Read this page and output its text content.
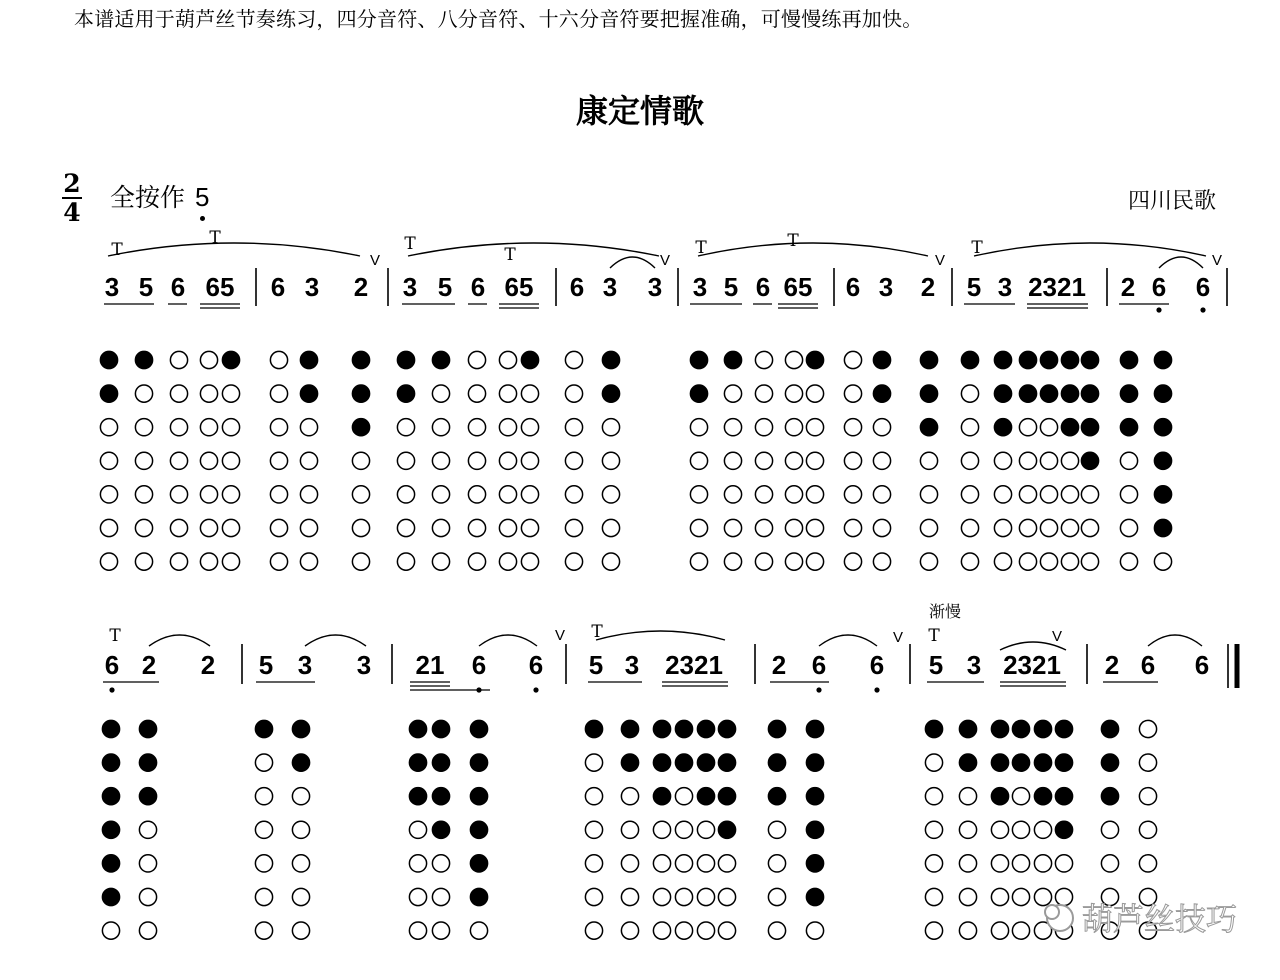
本谱适用于葫芦丝节奏练习，四分音符、八分音符、十六分音符要把握准确，可慢慢练再加快。
康定情歌
2
4
全按作 5	四川民歌
3 5 6 65 6 3 2 3 5 6 65 6 3 3 3 5 6 65 6 3 2 5 3 2321 2 6 6
T
T	T
T	T	T	T
V	V	V	V
6 2 2 5 3 3 21 6 6 5 3 2321 2 6 6 5 3 2321 2 6 6
T	T	T
V	V	V
渐慢
葫芦丝技巧
